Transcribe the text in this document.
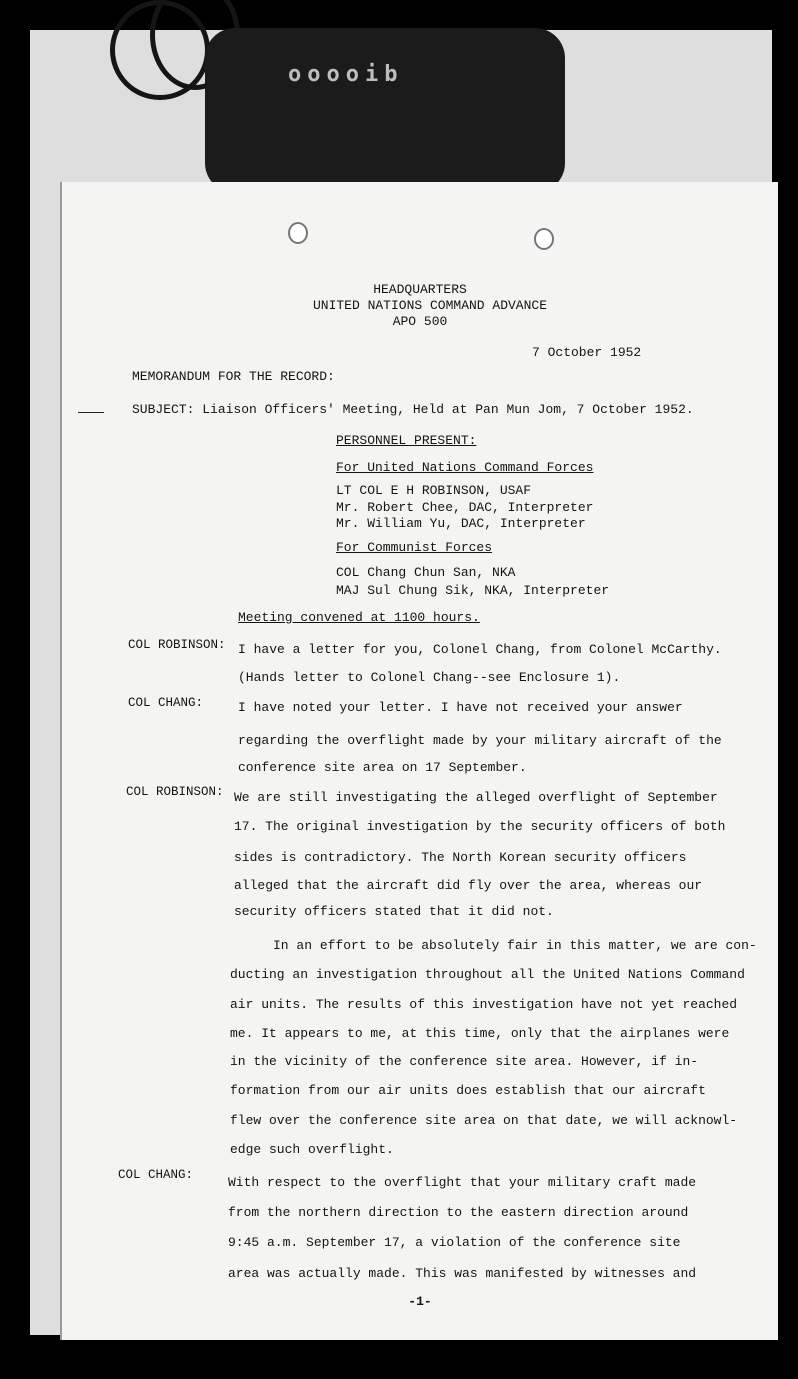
ooooib
HEADQUARTERS
UNITED NATIONS COMMAND ADVANCE
APO 500
7 October 1952
MEMORANDUM FOR THE RECORD:
SUBJECT: Liaison Officers' Meeting, Held at Pan Mun Jom, 7 October 1952.
PERSONNEL PRESENT:
For United Nations Command Forces
LT COL E H ROBINSON, USAF
Mr. Robert Chee, DAC, Interpreter
Mr. William Yu, DAC, Interpreter
For Communist Forces
COL Chang Chun San, NKA
MAJ Sul Chung Sik, NKA, Interpreter
Meeting convened at 1100 hours.
COL ROBINSON: I have a letter for you, Colonel Chang, from Colonel McCarthy.
(Hands letter to Colonel Chang--see Enclosure 1).
COL CHANG:	I have noted your letter. I have not received your answer
regarding the overflight made by your military aircraft of the
conference site area on 17 September.
COL ROBINSON: We are still investigating the alleged overflight of September
17. The original investigation by the security officers of both
sides is contradictory. The North Korean security officers
alleged that the aircraft did fly over the area, whereas our
security officers stated that it did not.
In an effort to be absolutely fair in this matter, we are con-
ducting an investigation throughout all the United Nations Command
air units. The results of this investigation have not yet reached
me. It appears to me, at this time, only that the airplanes were
in the vicinity of the conference site area. However, if in-
formation from our air units does establish that our aircraft
flew over the conference site area on that date, we will acknowl-
edge such overflight.
COL CHANG:	With respect to the overflight that your military craft made
from the northern direction to the eastern direction around
9:45 a.m. September 17, a violation of the conference site
area was actually made. This was manifested by witnesses and
-1-
